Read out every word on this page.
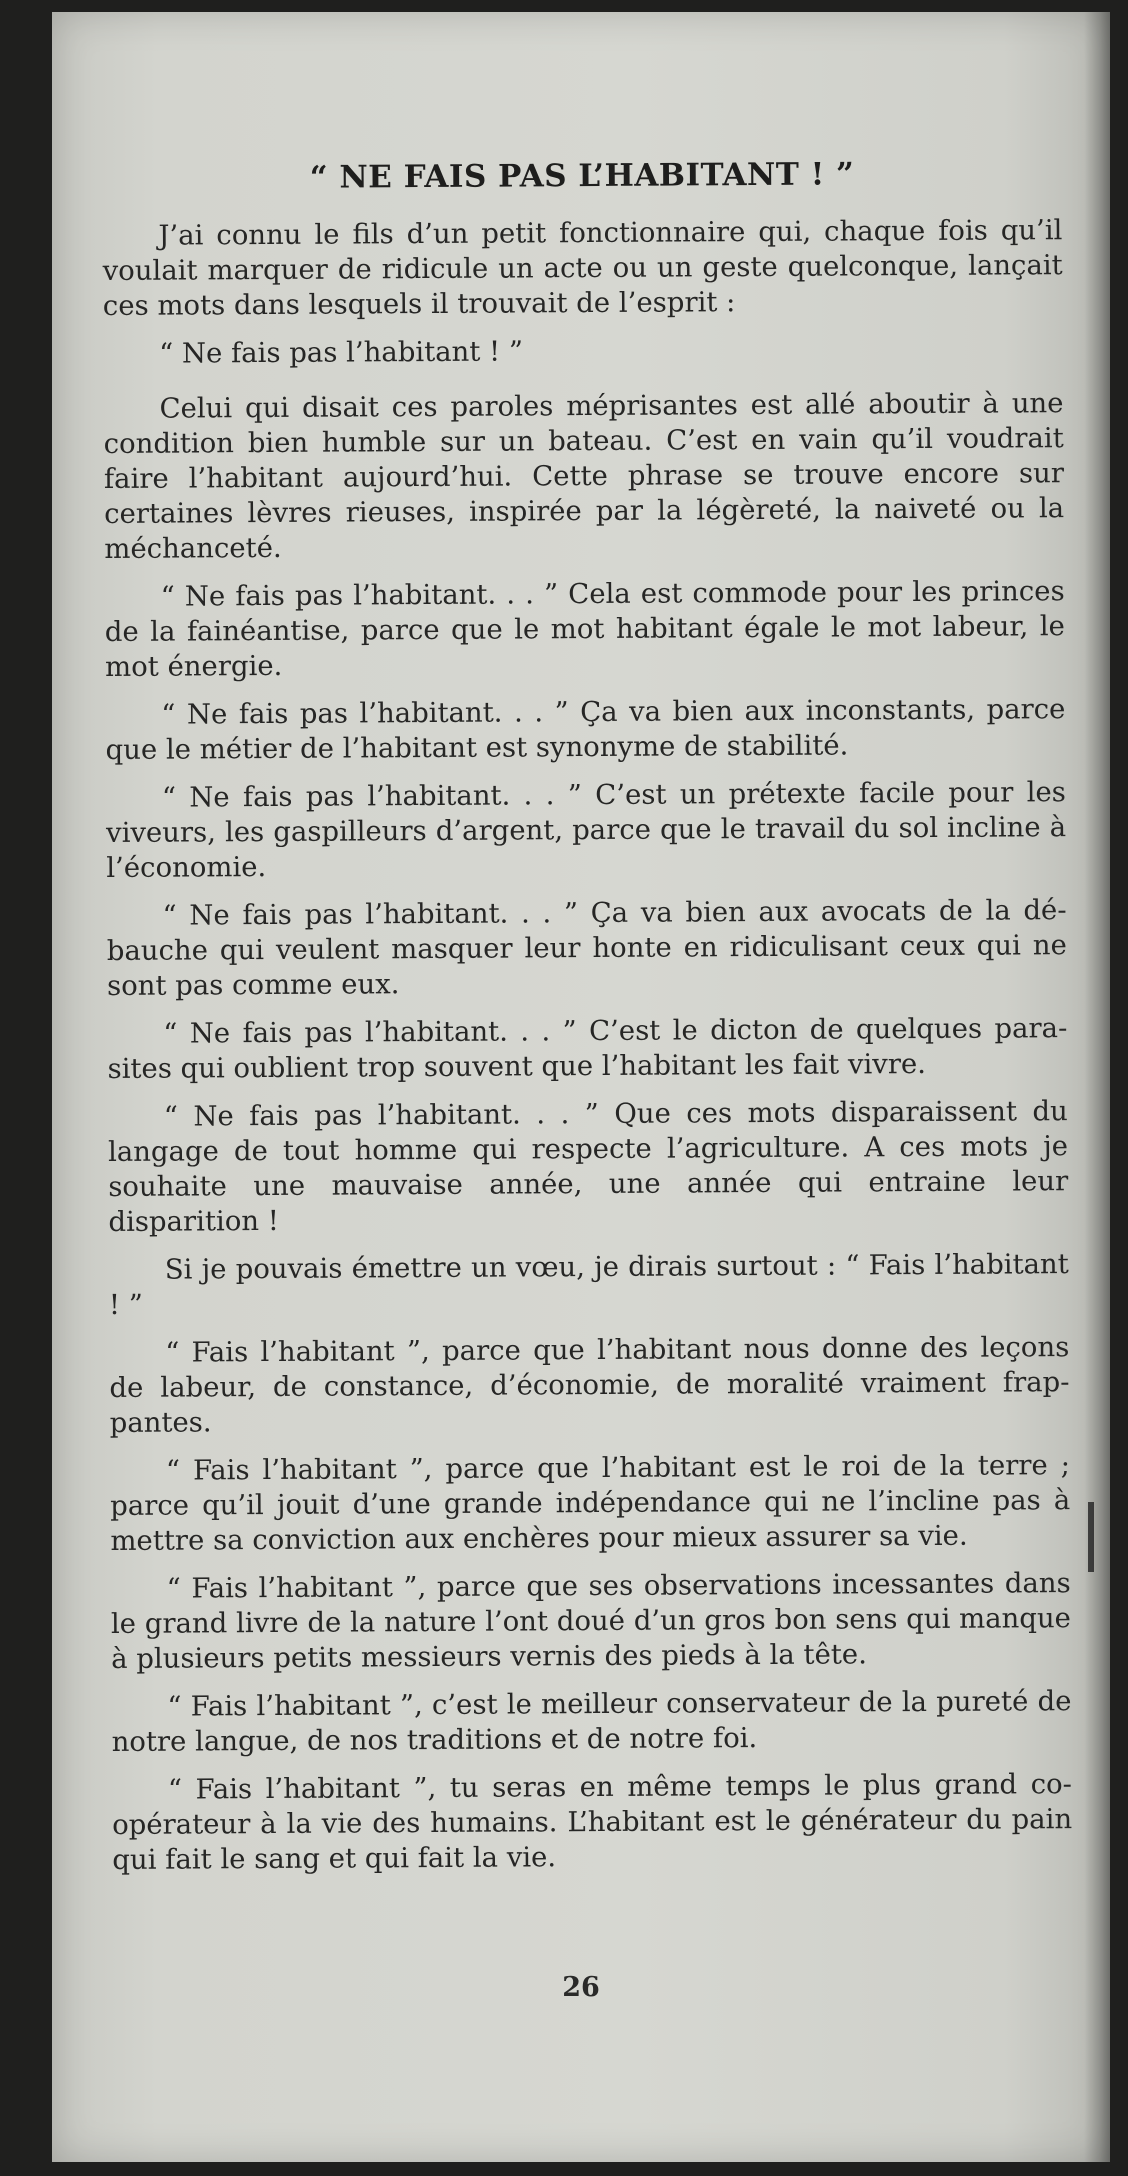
“ NE FAIS PAS L’HABITANT ! ”

J’ai connu le fils d’un petit fonctionnaire qui, chaque fois qu’il voulait marquer de ridicule un acte ou un geste quelconque, lançait ces mots dans lesquels il trouvait de l’esprit :

“ Ne fais pas l’habitant ! ”

Celui qui disait ces paroles méprisantes est allé aboutir à une condition bien humble sur un bateau. C’est en vain qu’il voudrait faire l’habitant aujourd’hui. Cette phrase se trouve encore sur certaines lèvres rieuses, inspirée par la légèreté, la naiveté ou la méchanceté.

“ Ne fais pas l’habitant. . . ” Cela est commode pour les princes de la fainéantise, parce que le mot habitant égale le mot labeur, le mot énergie.

“ Ne fais pas l’habitant. . . ” Ça va bien aux inconstants, parce que le métier de l’habitant est synonyme de stabilité.

“ Ne fais pas l’habitant. . . ” C’est un prétexte facile pour les viveurs, les gaspilleurs d’argent, parce que le travail du sol incline à l’économie.

“ Ne fais pas l’habitant. . . ” Ça va bien aux avocats de la débauche qui veulent masquer leur honte en ridiculisant ceux qui ne sont pas comme eux.

“ Ne fais pas l’habitant. . . ” C’est le dicton de quelques parasites qui oublient trop souvent que l’habitant les fait vivre.

“ Ne fais pas l’habitant. . . ” Que ces mots disparaissent du langage de tout homme qui respecte l’agriculture. A ces mots je souhaite une mauvaise année, une année qui entraine leur disparition !

Si je pouvais émettre un vœu, je dirais surtout : “ Fais l’habitant ! ”

“ Fais l’habitant ”, parce que l’habitant nous donne des leçons de labeur, de constance, d’économie, de moralité vraiment frappantes.

“ Fais l’habitant ”, parce que l’habitant est le roi de la terre ; parce qu’il jouit d’une grande indépendance qui ne l’incline pas à mettre sa conviction aux enchères pour mieux assurer sa vie.

“ Fais l’habitant ”, parce que ses observations incessantes dans le grand livre de la nature l’ont doué d’un gros bon sens qui manque à plusieurs petits messieurs vernis des pieds à la tête.

“ Fais l’habitant ”, c’est le meilleur conservateur de la pureté de notre langue, de nos traditions et de notre foi.

“ Fais l’habitant ”, tu seras en même temps le plus grand coopérateur à la vie des humains. L’habitant est le générateur du pain qui fait le sang et qui fait la vie.

26
